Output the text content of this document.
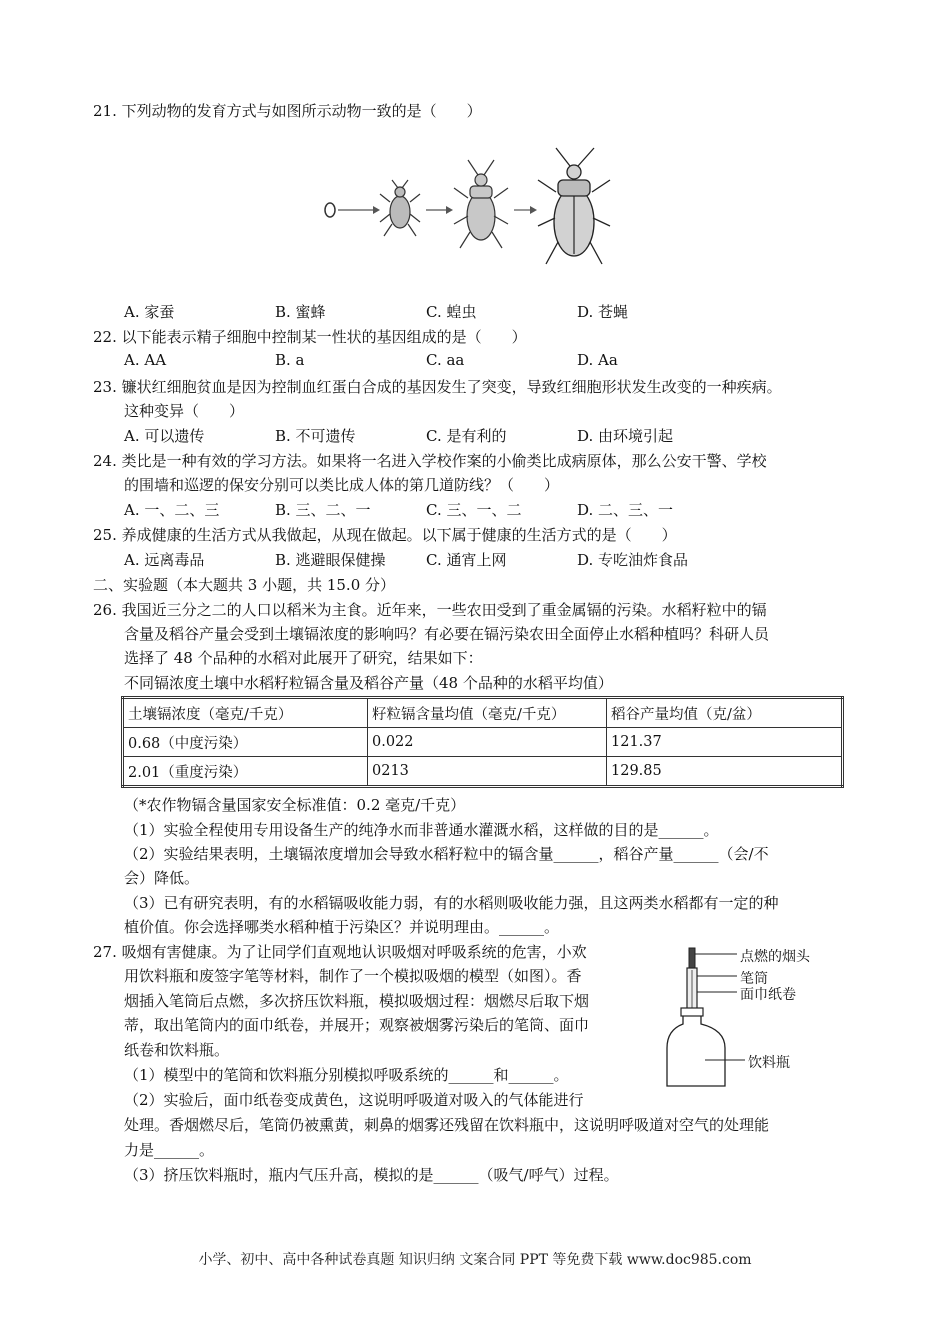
21. 下列动物的发育方式与如图所示动物一致的是（　　）
A. 家蚕	B. 蜜蜂	C. 蝗虫	D. 苍蝇
22. 以下能表示精子细胞中控制某一性状的基因组成的是（　　）
A. AA	B. a	C. aa	D. Aa
23. 镰状红细胞贫血是因为控制血红蛋白合成的基因发生了突变，导致红细胞形状发生改变的一种疾病。
这种变异（　　）
A. 可以遗传	B. 不可遗传	C. 是有利的	D. 由环境引起
24. 类比是一种有效的学习方法。如果将一名进入学校作案的小偷类比成病原体，那么公安干警、学校
的围墙和巡逻的保安分别可以类比成人体的第几道防线？（　　）
A. 一、二、三	B. 三、二、一	C. 三、一、二	D. 二、三、一
25. 养成健康的生活方式从我做起，从现在做起。以下属于健康的生活方式的是（　　）
A. 远离毒品	B. 逃避眼保健操	C. 通宵上网	D. 专吃油炸食品
二、实验题（本大题共 3 小题，共 15.0 分）
26. 我国近三分之二的人口以稻米为主食。近年来，一些农田受到了重金属镉的污染。水稻籽粒中的镉
含量及稻谷产量会受到土壤镉浓度的影响吗？有必要在镉污染农田全面停止水稻种植吗？科研人员
选择了 48 个品种的水稻对此展开了研究，结果如下：
不同镉浓度土壤中水稻籽粒镉含量及稻谷产量（48 个品种的水稻平均值）
土壤镉浓度（毫克/千克）	籽粒镉含量均值（毫克/千克）	稻谷产量均值（克/盆）
0.68（中度污染）	0.022	121.37
2.01（重度污染）	0213	129.85
（*农作物镉含量国家安全标准值：0.2 毫克/千克）
（1）实验全程使用专用设备生产的纯净水而非普通水灌溉水稻，这样做的目的是______。
（2）实验结果表明，土壤镉浓度增加会导致水稻籽粒中的镉含量______，稻谷产量______（会/不
会）降低。
（3）已有研究表明，有的水稻镉吸收能力弱，有的水稻则吸收能力强，且这两类水稻都有一定的种
植价值。你会选择哪类水稻种植于污染区？并说明理由。______。
27. 吸烟有害健康。为了让同学们直观地认识吸烟对呼吸系统的危害，小欢
用饮料瓶和废签字笔等材料，制作了一个模拟吸烟的模型（如图）。香
烟插入笔筒后点燃，多次挤压饮料瓶，模拟吸烟过程：烟燃尽后取下烟
蒂，取出笔筒内的面巾纸卷，并展开；观察被烟雾污染后的笔筒、面巾
纸卷和饮料瓶。
（1）模型中的笔筒和饮料瓶分别模拟呼吸系统的______和______。
（2）实验后，面巾纸卷变成黄色，这说明呼吸道对吸入的气体能进行
处理。香烟燃尽后，笔筒仍被熏黄，刺鼻的烟雾还残留在饮料瓶中，这说明呼吸道对空气的处理能
力是______。
（3）挤压饮料瓶时，瓶内气压升高，模拟的是______（吸气/呼气）过程。
点燃的烟头
笔筒
面巾纸卷
饮料瓶
小学、初中、高中各种试卷真题 知识归纳 文案合同 PPT 等免费下载 www.doc985.com
